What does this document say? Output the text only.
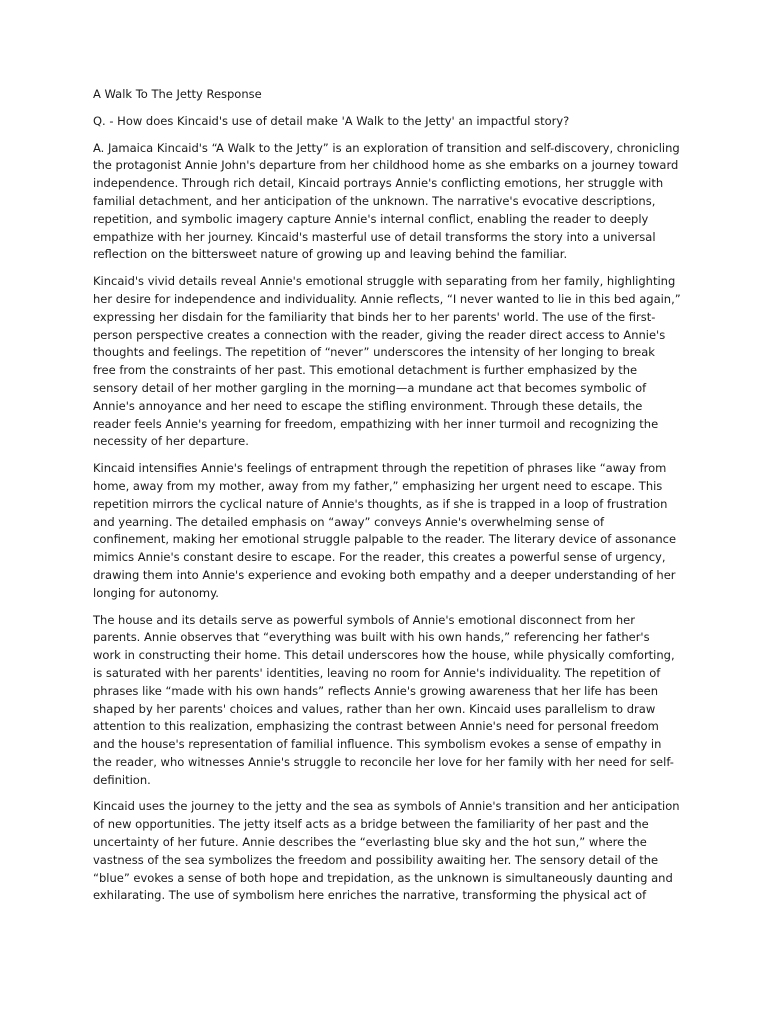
A Walk To The Jetty Response

Q. - How does Kincaid's use of detail make 'A Walk to the Jetty' an impactful story?

A. Jamaica Kincaid's “A Walk to the Jetty” is an exploration of transition and self-discovery, chronicling the protagonist Annie John's departure from her childhood home as she embarks on a journey toward independence. Through rich detail, Kincaid portrays Annie's conflicting emotions, her struggle with familial detachment, and her anticipation of the unknown. The narrative's evocative descriptions, repetition, and symbolic imagery capture Annie's internal conflict, enabling the reader to deeply empathize with her journey. Kincaid's masterful use of detail transforms the story into a universal reflection on the bittersweet nature of growing up and leaving behind the familiar.

Kincaid's vivid details reveal Annie's emotional struggle with separating from her family, highlighting her desire for independence and individuality. Annie reflects, “I never wanted to lie in this bed again,” expressing her disdain for the familiarity that binds her to her parents' world. The use of the first-person perspective creates a connection with the reader, giving the reader direct access to Annie's thoughts and feelings. The repetition of “never” underscores the intensity of her longing to break free from the constraints of her past. This emotional detachment is further emphasized by the sensory detail of her mother gargling in the morning—a mundane act that becomes symbolic of Annie's annoyance and her need to escape the stifling environment. Through these details, the reader feels Annie's yearning for freedom, empathizing with her inner turmoil and recognizing the necessity of her departure.

Kincaid intensifies Annie's feelings of entrapment through the repetition of phrases like “away from home, away from my mother, away from my father,” emphasizing her urgent need to escape. This repetition mirrors the cyclical nature of Annie's thoughts, as if she is trapped in a loop of frustration and yearning. The detailed emphasis on “away” conveys Annie's overwhelming sense of confinement, making her emotional struggle palpable to the reader. The literary device of assonance mimics Annie's constant desire to escape. For the reader, this creates a powerful sense of urgency, drawing them into Annie's experience and evoking both empathy and a deeper understanding of her longing for autonomy.

The house and its details serve as powerful symbols of Annie's emotional disconnect from her parents. Annie observes that “everything was built with his own hands,” referencing her father's work in constructing their home. This detail underscores how the house, while physically comforting, is saturated with her parents' identities, leaving no room for Annie's individuality. The repetition of phrases like “made with his own hands” reflects Annie's growing awareness that her life has been shaped by her parents' choices and values, rather than her own. Kincaid uses parallelism to draw attention to this realization, emphasizing the contrast between Annie's need for personal freedom and the house's representation of familial influence. This symbolism evokes a sense of empathy in the reader, who witnesses Annie's struggle to reconcile her love for her family with her need for self-definition.

Kincaid uses the journey to the jetty and the sea as symbols of Annie's transition and her anticipation of new opportunities. The jetty itself acts as a bridge between the familiarity of her past and the uncertainty of her future. Annie describes the “everlasting blue sky and the hot sun,” where the vastness of the sea symbolizes the freedom and possibility awaiting her. The sensory detail of the “blue” evokes a sense of both hope and trepidation, as the unknown is simultaneously daunting and exhilarating. The use of symbolism here enriches the narrative, transforming the physical act of
